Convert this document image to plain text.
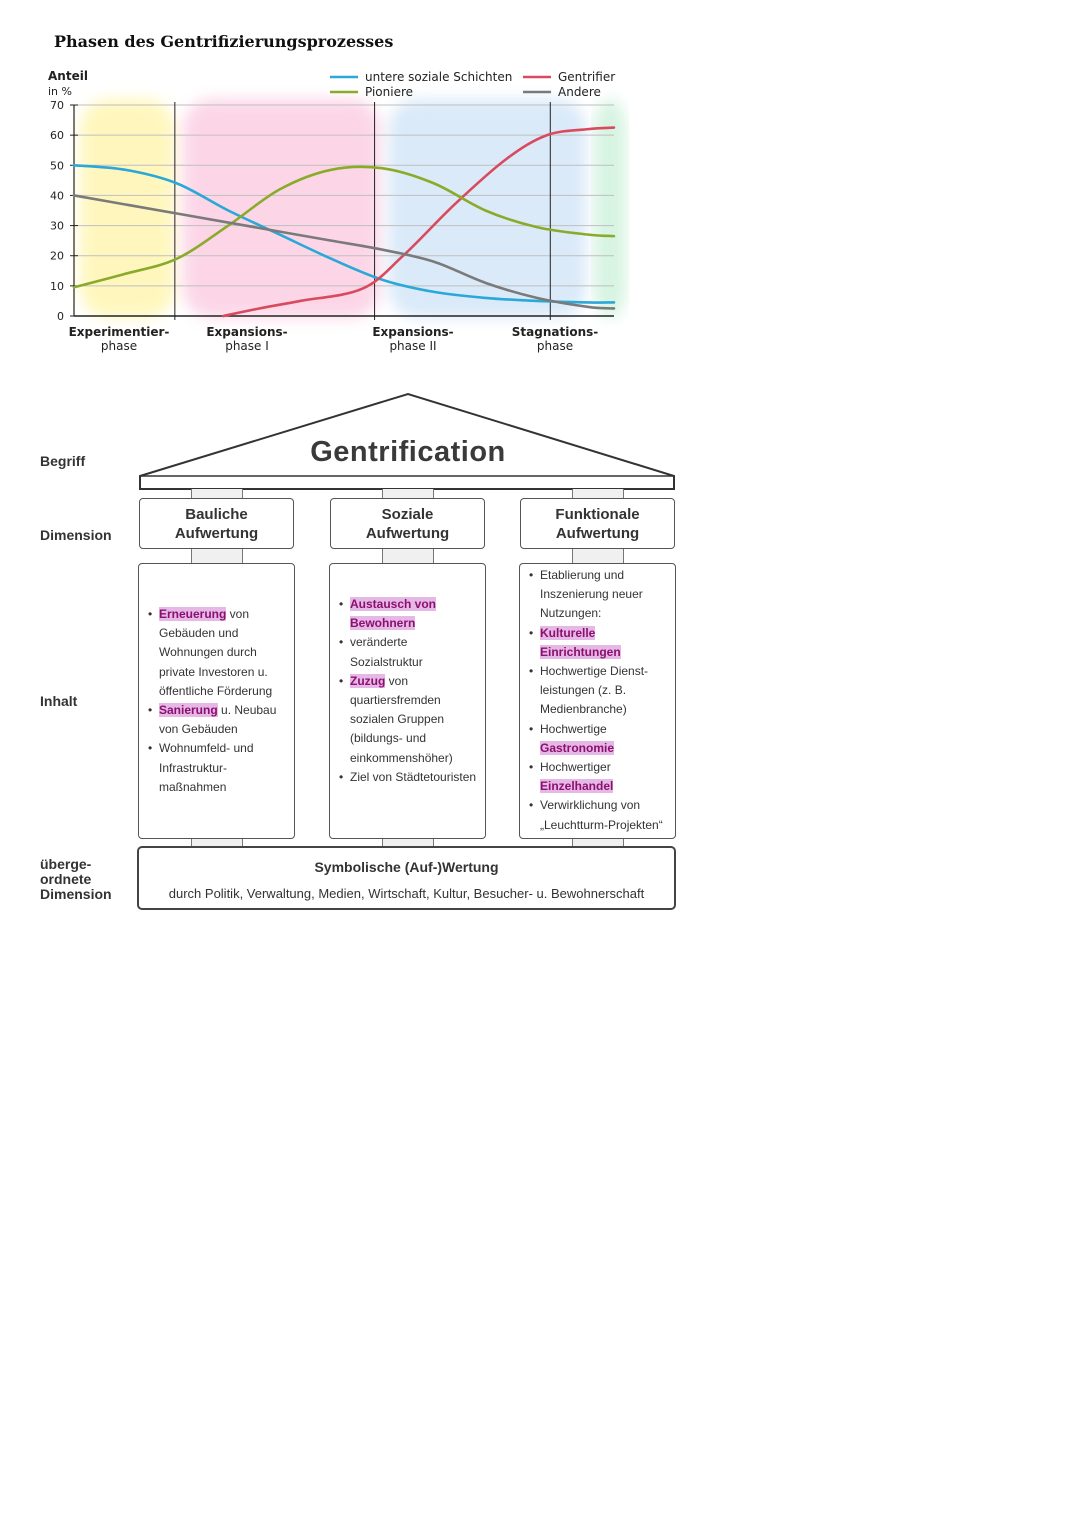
Phasen des Gentrifizierungsprozesses
0
10
20
30
40
50
60
70
Anteil
in %
untere soziale Schichten	Gentrifier
Pioniere	Andere
Experimentier-
phase
Expansions-
phase I
Expansions-
phase II
Stagnations-
phase
Gentrification
Begriff
Dimension
Inhalt
überge-
ordnete
Dimension
Bauliche
Aufwertung
Soziale
Aufwertung
Funktionale
Aufwertung
• Erneuerung von Gebäuden und Wohnungen durch private Investoren u. öffentliche Förderung
• Sanierung u. Neubau von Gebäuden
• Wohnumfeld- und Infrastruktur-maßnahmen
• Austausch von Bewohnern
• veränderte Sozialstruktur
• Zuzug von quartiersfremden sozialen Gruppen (bildungs- und einkommenshöher)
• Ziel von Städtetouristen
• Etablierung und Inszenierung neuer Nutzungen:
• Kulturelle Einrichtungen
• Hochwertige Dienst-leistungen (z. B. Medienbranche)
• Hochwertige Gastronomie
• Hochwertiger Einzelhandel
• Verwirklichung von „Leuchtturm-Projekten“
Symbolische (Auf-)Wertung
durch Politik, Verwaltung, Medien, Wirtschaft, Kultur, Besucher- u. Bewohnerschaft
